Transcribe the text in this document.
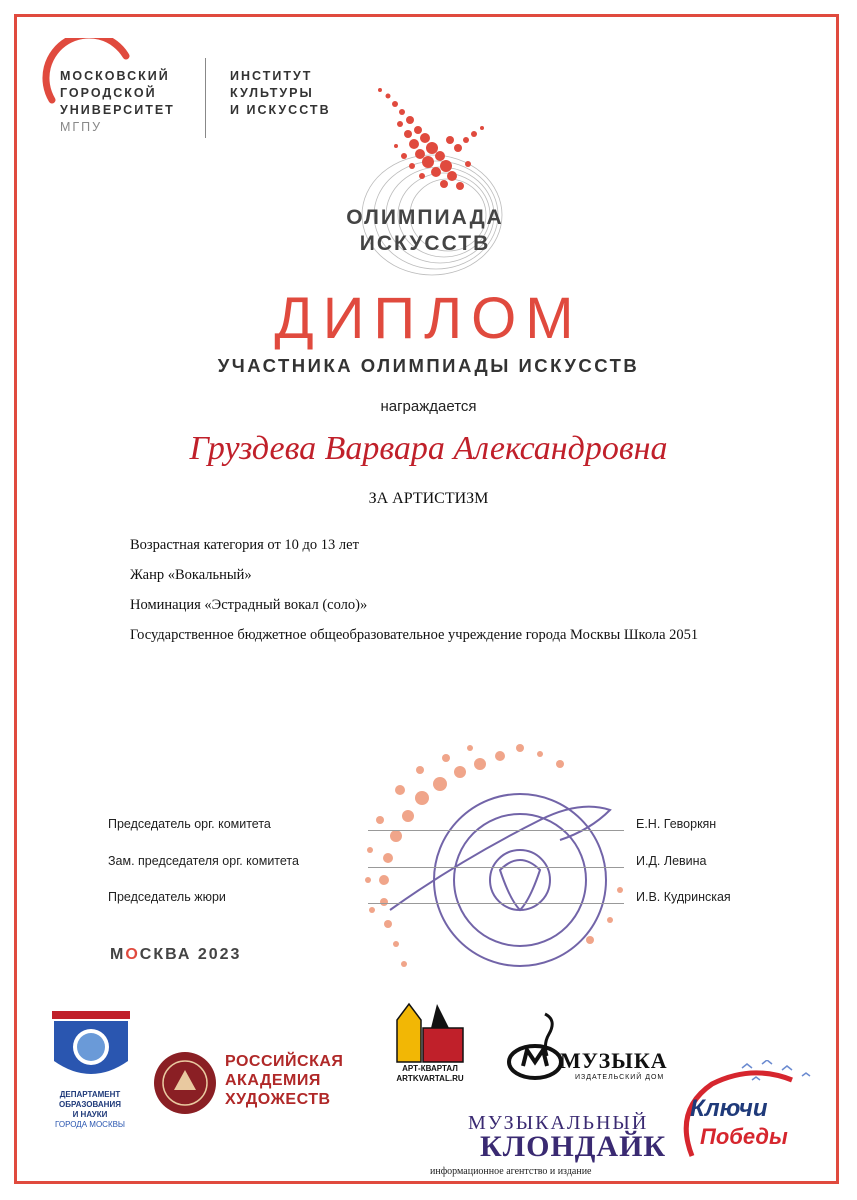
МОСКОВСКИЙ
ГОРОДСКОЙ
УНИВЕРСИТЕТ
МГПУ
ИНСТИТУТ
КУЛЬТУРЫ
И ИСКУССТВ
ОЛИМПИАДА
ИСКУССТВ
ДИПЛОМ
УЧАСТНИКА ОЛИМПИАДЫ ИСКУССТВ
награждается
Груздева Варвара Александровна
ЗА АРТИСТИЗМ
Возрастная категория от 10 до 13 лет
Жанр «Вокальный»
Номинация «Эстрадный вокал (соло)»
Государственное бюджетное общеобразовательное учреждение города Москвы Школа 2051
Председатель орг. комитета	Е.Н. Геворкян
Зам. председателя орг. комитета	И.Д. Левина
Председатель жюри	И.В. Кудринская
МОСКВА 2023
ДЕПАРТАМЕНТ
ОБРАЗОВАНИЯ
И НАУКИ
ГОРОДА МОСКВЫ
РОССИЙСКАЯ
АКАДЕМИЯ
ХУДОЖЕСТВ
АРТ-КВАРТАЛ
ARTKVARTAL.RU
МУЗЫКА
ИЗДАТЕЛЬСКИЙ ДОМ
МУЗЫКАЛЬНЫЙ
КЛОНДАЙК
информационное агентство и издание
Ключи
Победы
